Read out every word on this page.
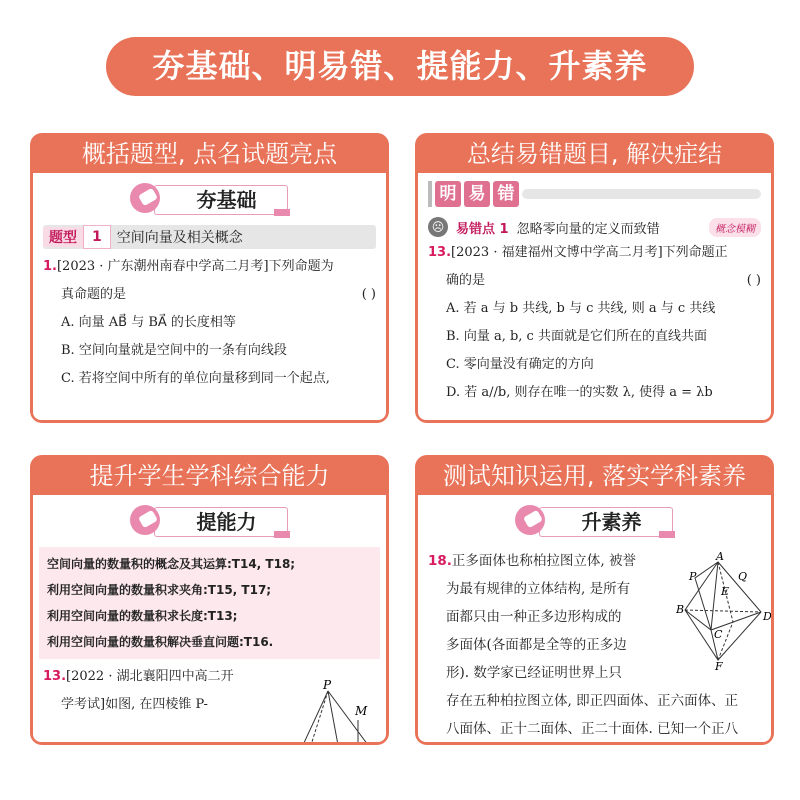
夯基础、明易错、提能力、升素养
概括题型, 点名试题亮点
夯基础
题型	1	空间向量及相关概念
1.[2023 · 广东潮州南春中学高二月考]下列命题为
真命题的是	( )
A. 向量 AB⃗ 与 BA⃗ 的长度相等
B. 空间向量就是空间中的一条有向线段
C. 若将空间中所有的单位向量移到同一个起点,
总结易错题目, 解决症结
明 易 错
☹ 易错点 1 忽略零向量的定义而致错	概念模糊
13.[2023 · 福建福州文博中学高二月考]下列命题正
确的是	( )
A. 若 a 与 b 共线, b 与 c 共线, 则 a 与 c 共线
B. 向量 a, b, c 共面就是它们所在的直线共面
C. 零向量没有确定的方向
D. 若 a//b, 则存在唯一的实数 λ, 使得 a = λb
提升学生学科综合能力
提能力
空间向量的数量积的概念及其运算:T14, T18;
利用空间向量的数量积求夹角:T15, T17;
利用空间向量的数量积求长度:T13;
利用空间向量的数量积解决垂直问题:T16.
13.[2022 · 湖北襄阳四中高二开
学考试]如图, 在四棱锥 P-
P
M
测试知识运用, 落实学科素养
升素养
18.正多面体也称柏拉图立体, 被誉
为最有规律的立体结构, 是所有
面都只由一种正多边形构成的
多面体(各面都是全等的正多边
形). 数学家已经证明世界上只
存在五种柏拉图立体, 即正四面体、正六面体、正
八面体、正十二面体、正二十面体. 已知一个正八
A
P	Q
E
B
D
C
F
